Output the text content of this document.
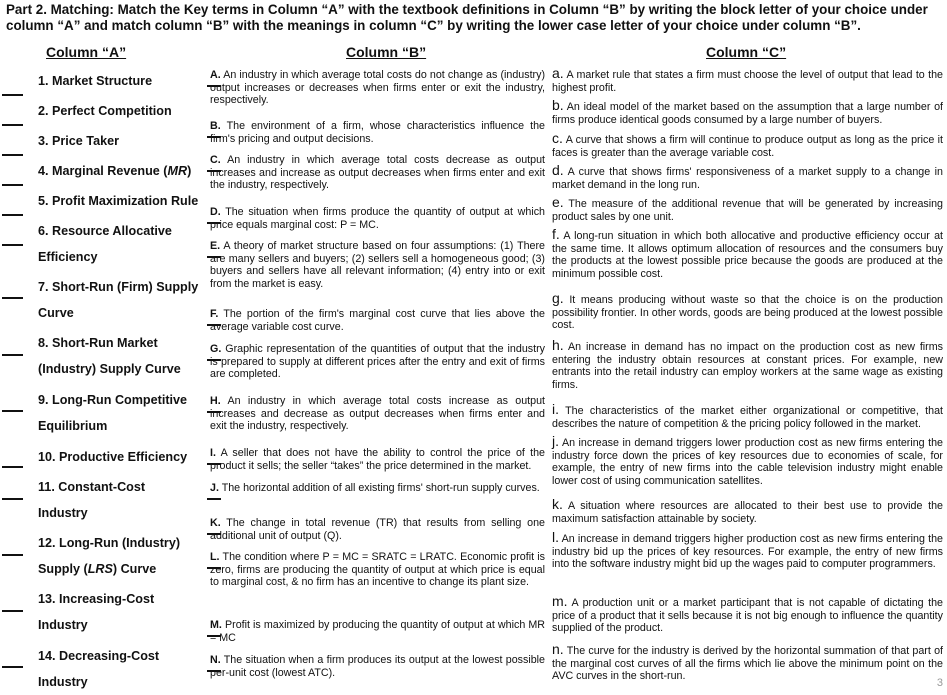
Part 2. Matching: Match the Key terms in Column “A” with the textbook definitions in Column “B” by writing the block letter of your choice under column “A” and match column “B” with the meanings in column “C” by writing the lower case letter of your choice under column “B”.
Column “A”	Column “B”	Column “C”
1. Market Structure
2. Perfect Competition
3. Price Taker
4. Marginal Revenue (MR)
5. Profit Maximization Rule
6. Resource Allocative
Efficiency
7. Short-Run (Firm) Supply
Curve
8. Short-Run Market
(Industry) Supply Curve
9. Long-Run Competitive
Equilibrium
10. Productive Efficiency
11. Constant-Cost
Industry
12. Long-Run (Industry)
Supply (LRS) Curve
13. Increasing-Cost
Industry
14. Decreasing-Cost
Industry
A. An industry in which average total costs do not change as (industry) output increases or decreases when firms enter or exit the industry, respectively.
B. The environment of a firm, whose characteristics influence the firm's pricing and output decisions.
C. An industry in which average total costs decrease as output increases and increase as output decreases when firms enter and exit the industry, respectively.
D. The situation when firms produce the quantity of output at which price equals marginal cost: P = MC.
E. A theory of market structure based on four assumptions: (1) There are many sellers and buyers; (2) sellers sell a homogeneous good; (3) buyers and sellers have all relevant information; (4) entry into or exit from the market is easy.
F. The portion of the firm's marginal cost curve that lies above the average variable cost curve.
G. Graphic representation of the quantities of output that the industry is prepared to supply at different prices after the entry and exit of firms are completed.
H. An industry in which average total costs increase as output increases and decrease as output decreases when firms enter and exit the industry, respectively.
I. A seller that does not have the ability to control the price of the product it sells; the seller “takes” the price determined in the market.
J. The horizontal addition of all existing firms' short-run supply curves.
K. The change in total revenue (TR) that results from selling one additional unit of output (Q).
L. The condition where P = MC = SRATC = LRATC. Economic profit is zero, firms are producing the quantity of output at which price is equal to marginal cost, & no firm has an incentive to change its plant size.
M. Profit is maximized by producing the quantity of output at which MR = MC
N. The situation when a firm produces its output at the lowest possible per-unit cost (lowest ATC).
a. A market rule that states a firm must choose the level of output that lead to the highest profit.
b. An ideal model of the market based on the assumption that a large number of firms produce identical goods consumed by a large number of buyers.
c. A curve that shows a firm will continue to produce output as long as the price it faces is greater than the average variable cost.
d. A curve that shows firms' responsiveness of a market supply to a change in market demand in the long run.
e. The measure of the additional revenue that will be generated by increasing product sales by one unit.
f. A long-run situation in which both allocative and productive efficiency occur at the same time. It allows optimum allocation of resources and the consumers buy the products at the lowest possible price because the goods are produced at the minimum possible cost.
g. It means producing without waste so that the choice is on the production possibility frontier. In other words, goods are being produced at the lowest possible cost.
h. An increase in demand has no impact on the production cost as new firms entering the industry obtain resources at constant prices. For example, new entrants into the retail industry can employ workers at the same wage as existing firms.
i. The characteristics of the market either organizational or competitive, that describes the nature of competition & the pricing policy followed in the market.
j. An increase in demand triggers lower production cost as new firms entering the industry force down the prices of key resources due to economies of scale, for example, the entry of new firms into the cable television industry might enable lower cost of using communication satellites.
k. A situation where resources are allocated to their best use to provide the maximum satisfaction attainable by society.
l. An increase in demand triggers higher production cost as new firms entering the industry bid up the prices of key resources. For example, the entry of new firms into the software industry might bid up the wages paid to computer programmers.
m. A production unit or a market participant that is not capable of dictating the price of a product that it sells because it is not big enough to influence the quantity supplied of the product.
n. The curve for the industry is derived by the horizontal summation of that part of the marginal cost curves of all the firms which lie above the minimum point on the AVC curves in the short-run.
3
